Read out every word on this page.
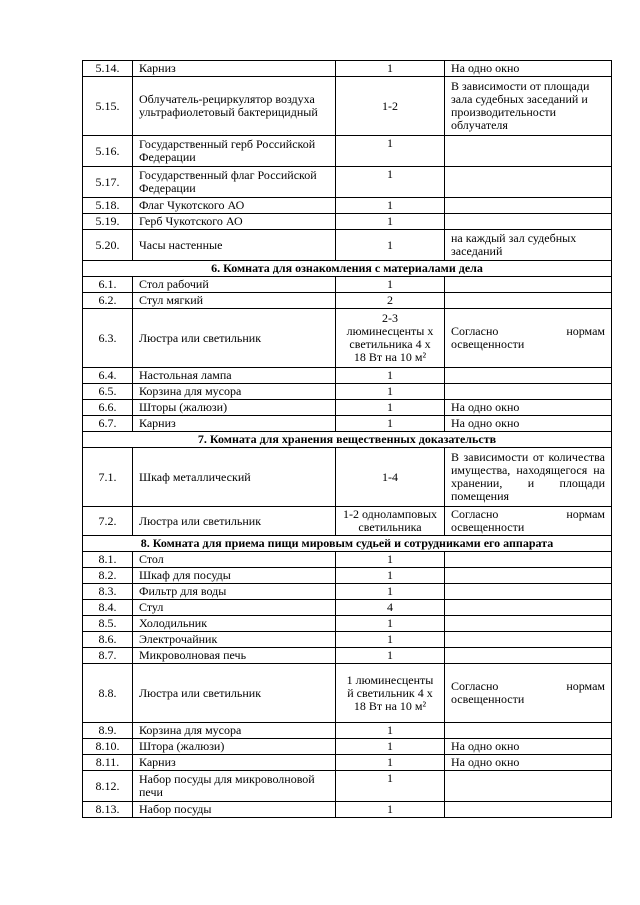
5.14.	Карниз	1	На одно окно
5.15.	Облучатель-рециркулятор воздуха ультрафиолетовый бактерицидный	1-2	В зависимости от площади зала судебных заседаний и производительности облучателя
5.16.	Государственный герб Российской Федерации	1	
5.17.	Государственный флаг Российской Федерации	1	
5.18.	Флаг Чукотского АО	1	
5.19.	Герб Чукотского АО	1	
5.20.	Часы настенные	1	на каждый зал судебных заседаний
6. Комната для ознакомления с материалами дела			
6.1.	Стол рабочий	1	
6.2.	Стул мягкий	2	
6.3.	Люстра или светильник	2-3 люминесценты х светильника 4 х 18 Вт на 10 м²	Согласно нормам освещенности
6.4.	Настольная лампа	1	
6.5.	Корзина для мусора	1	
6.6.	Шторы (жалюзи)	1	На одно окно
6.7.	Карниз	1	На одно окно
7. Комната для хранения вещественных доказательств			
7.1.	Шкаф металлический	1-4	В зависимости от количества имущества, находящегося на хранении, и площади помещения
7.2.	Люстра или светильник	1-2 одноламповых светильника	Согласно нормам освещенности
8. Комната для приема пищи мировым судьей и сотрудниками его аппарата			
8.1.	Стол	1	
8.2.	Шкаф для посуды	1	
8.3.	Фильтр для воды	1	
8.4.	Стул	4	
8.5.	Холодильник	1	
8.6.	Электрочайник	1	
8.7.	Микроволновая печь	1	
8.8.	Люстра или светильник	1 люминесценты й светильник 4 х 18 Вт на 10 м²	Согласно нормам освещенности
8.9.	Корзина для мусора	1	
8.10.	Штора (жалюзи)	1	На одно окно
8.11.	Карниз	1	На одно окно
8.12.	Набор посуды для микроволновой печи	1	
8.13.	Набор посуды	1	
